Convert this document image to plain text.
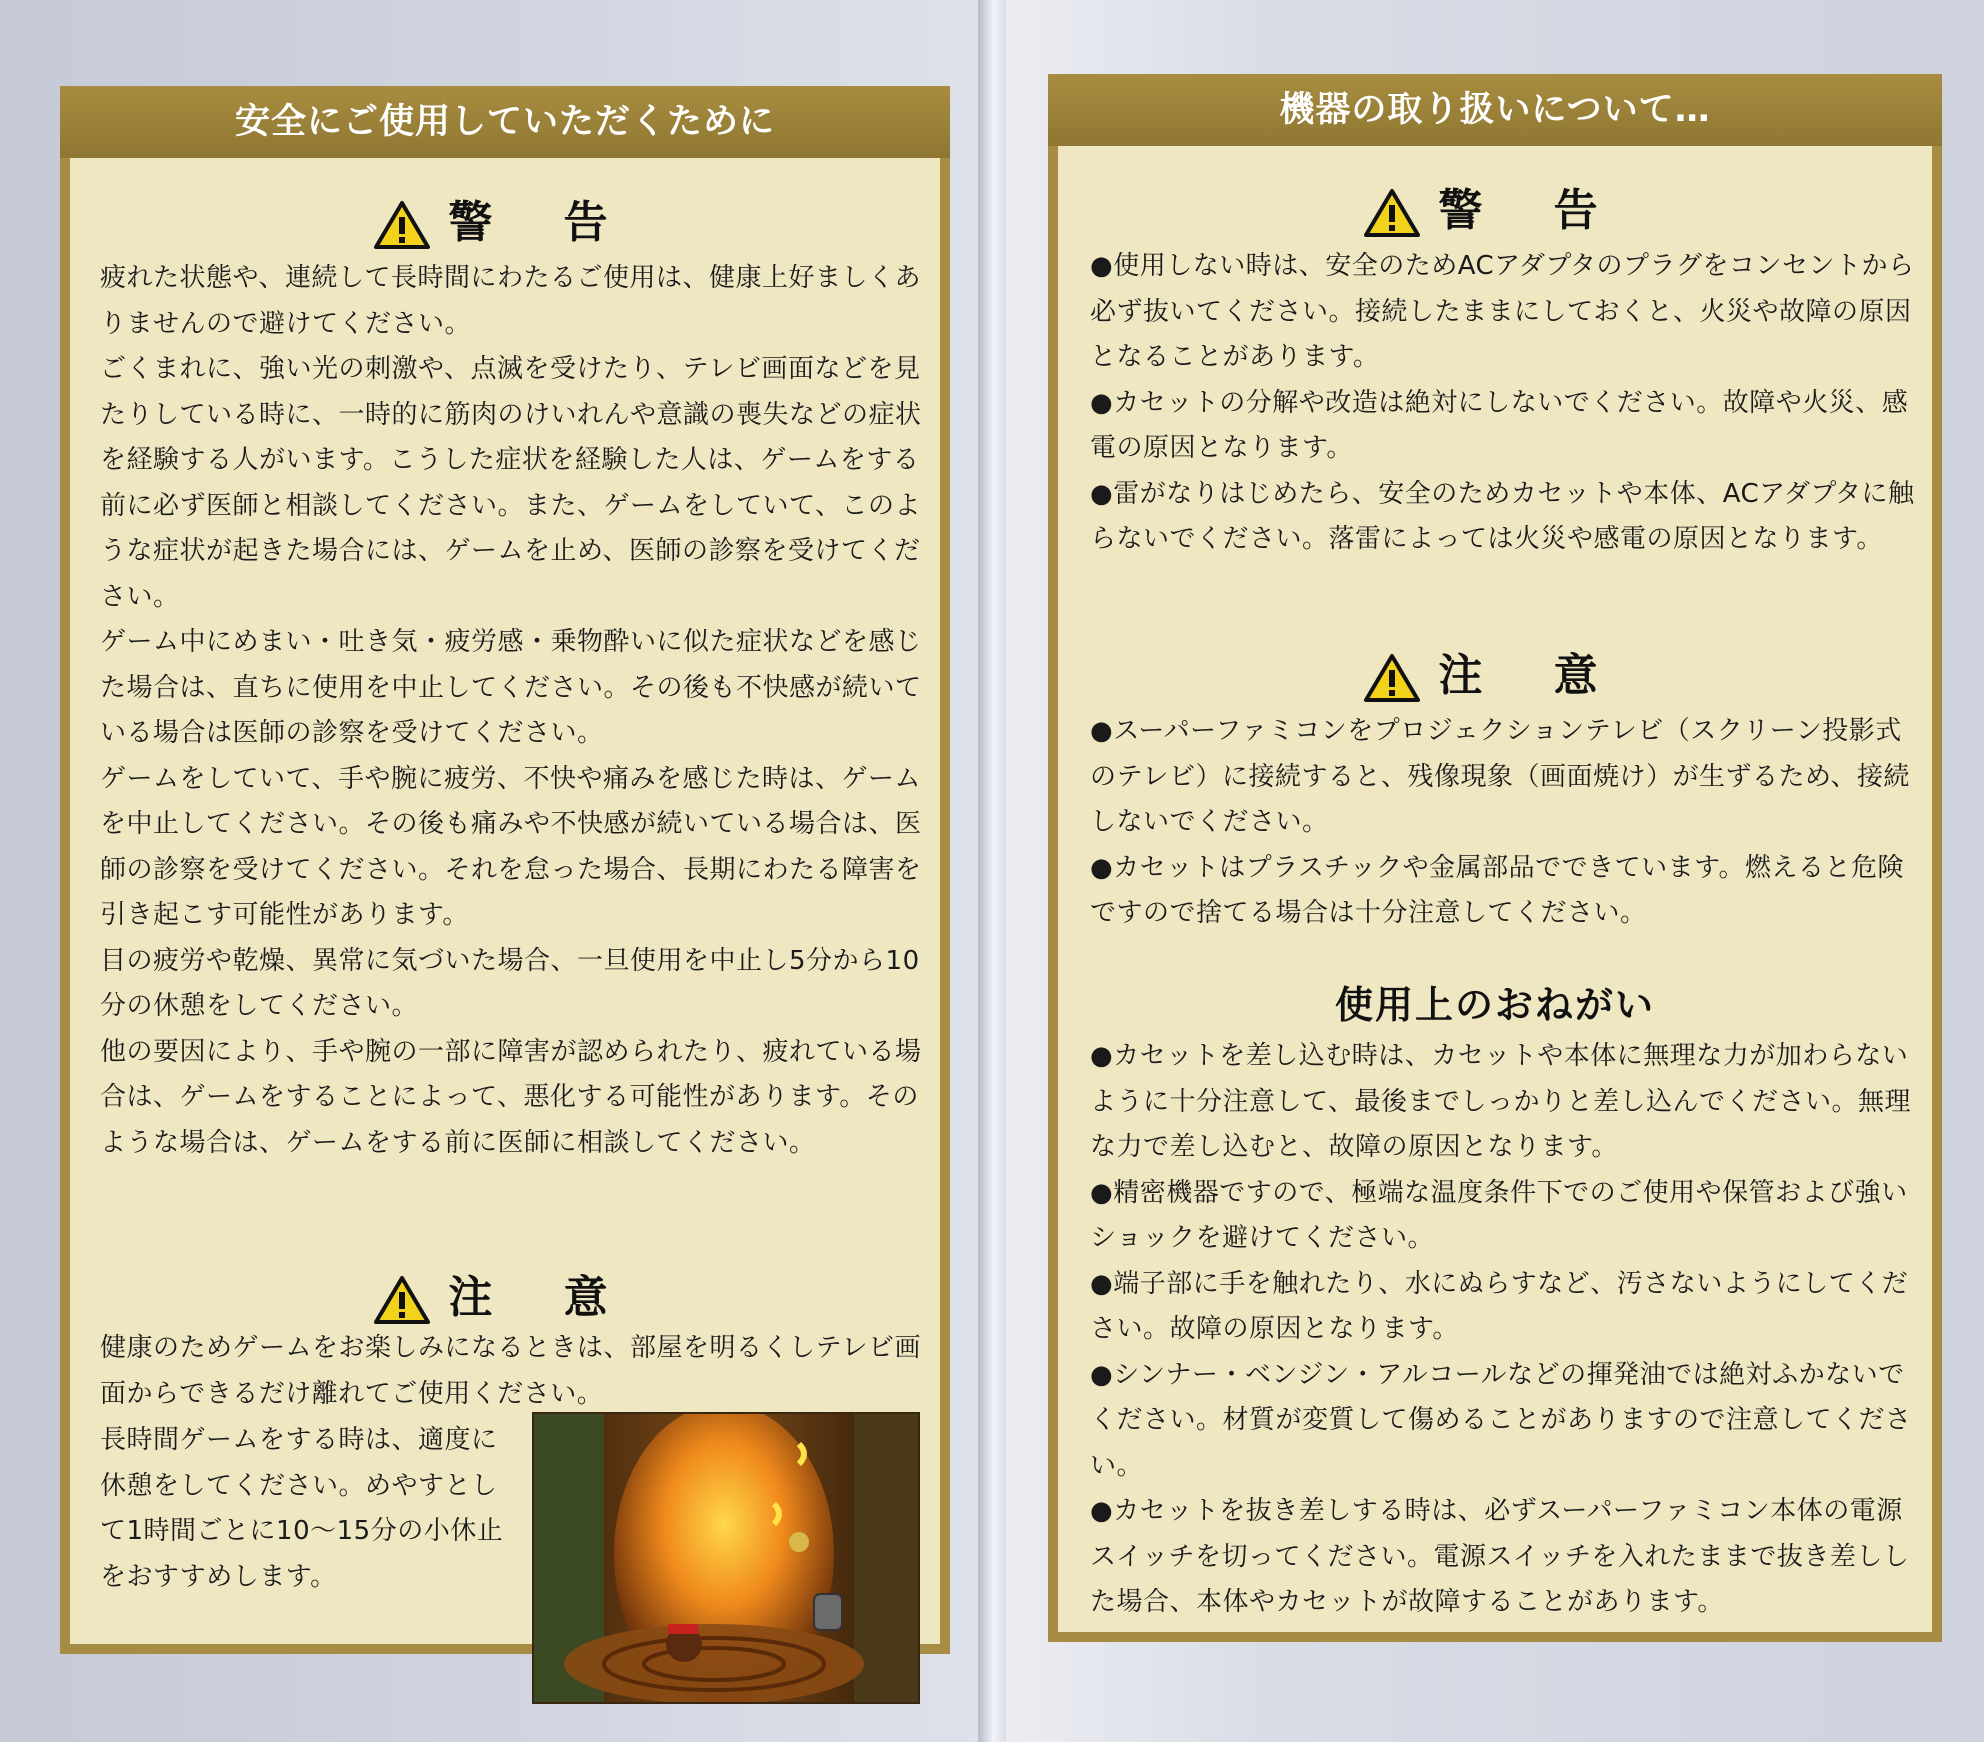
安全にご使用していただくために
警 告

疲れた状態や、連続して長時間にわたるご使用は、健康上好ましくありませんので避けてください。

ごくまれに、強い光の刺激や、点滅を受けたり、テレビ画面などを見たりしている時に、一時的に筋肉のけいれんや意識の喪失などの症状を経験する人がいます。こうした症状を経験した人は、ゲームをする前に必ず医師と相談してください。また、ゲームをしていて、このような症状が起きた場合には、ゲームを止め、医師の診察を受けてください。

ゲーム中にめまい・吐き気・疲労感・乗物酔いに似た症状などを感じた場合は、直ちに使用を中止してください。その後も不快感が続いている場合は医師の診察を受けてください。

ゲームをしていて、手や腕に疲労、不快や痛みを感じた時は、ゲームを中止してください。その後も痛みや不快感が続いている場合は、医師の診察を受けてください。それを怠った場合、長期にわたる障害を引き起こす可能性があります。

目の疲労や乾燥、異常に気づいた場合、一旦使用を中止し5分から10分の休憩をしてください。

他の要因により、手や腕の一部に障害が認められたり、疲れている場合は、ゲームをすることによって、悪化する可能性があります。そのような場合は、ゲームをする前に医師に相談してください。

注 意
健康のためゲームをお楽しみになるときは、部屋を明るくしテレビ画面からできるだけ離れてご使用ください。
長時間ゲームをする時は、適度に休憩をしてください。めやすとして1時間ごとに10～15分の小休止をおすすめします。
機器の取り扱いについて…
警 告

● 使用しない時は、安全のためACアダプタのプラグをコンセントから必ず抜いてください。接続したままにしておくと、火災や故障の原因となることがあります。

● カセットの分解や改造は絶対にしないでください。故障や火災、感電の原因となります。

● 雷がなりはじめたら、安全のためカセットや本体、ACアダプタに触らないでください。落雷によっては火災や感電の原因となります。

注 意

● スーパーファミコンをプロジェクションテレビ（スクリーン投影式のテレビ）に接続すると、残像現象（画面焼け）が生ずるため、接続しないでください。

● カセットはプラスチックや金属部品でできています。燃えると危険ですので捨てる場合は十分注意してください。

使用上のおねがい

● カセットを差し込む時は、カセットや本体に無理な力が加わらないように十分注意して、最後までしっかりと差し込んでください。無理な力で差し込むと、故障の原因となります。

● 精密機器ですので、極端な温度条件下でのご使用や保管および強いショックを避けてください。

● 端子部に手を触れたり、水にぬらすなど、汚さないようにしてください。故障の原因となります。

● シンナー・ベンジン・アルコールなどの揮発油では絶対ふかないでください。材質が変質して傷めることがありますので注意してください。

● カセットを抜き差しする時は、必ずスーパーファミコン本体の電源スイッチを切ってください。電源スイッチを入れたままで抜き差しした場合、本体やカセットが故障することがあります。
